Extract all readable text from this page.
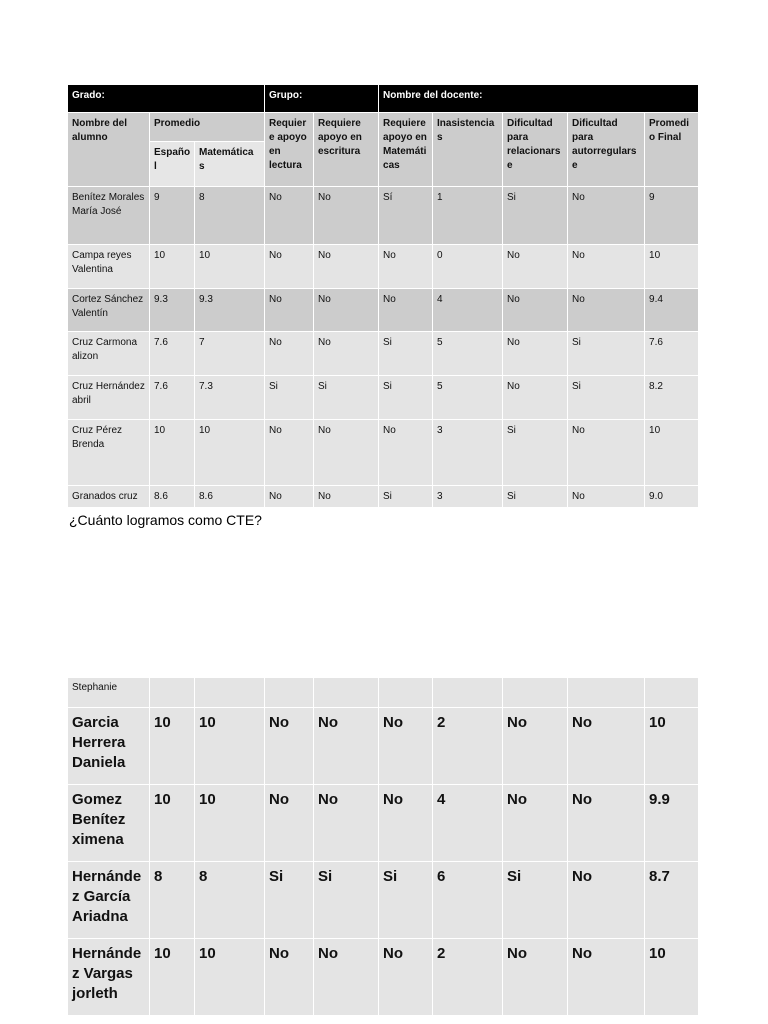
Grado:			Grupo:		Nombre del docente:				
Nombre del alumno	Promedio		Requier e apoyo en lectura	Requiere apoyo en escritura	Requiere apoyo en Matemáti cas	Inasistencia s	Dificultad para relacionars e	Dificultad para autorregulars e	Promedi o Final
	Españo l	Matemática s							
Benítez Morales María José	9	8	No	No	Sí	1	Si	No	9
Campa reyes Valentina	10	10	No	No	No	0	No	No	10
Cortez Sánchez Valentín	9.3	9.3	No	No	No	4	No	No	9.4
Cruz Carmona alizon	7.6	7	No	No	Si	5	No	Si	7.6
Cruz Hernández abril	7.6	7.3	Si	Si	Si	5	No	Si	8.2
Cruz Pérez Brenda	10	10	No	No	No	3	Si	No	10
Granados cruz	8.6	8.6	No	No	Si	3	Si	No	9.0
¿Cuánto logramos como CTE?
Stephanie									
Garcia Herrera Daniela	10	10	No	No	No	2	No	No	10
Gomez Benítez ximena	10	10	No	No	No	4	No	No	9.9
Hernánde z García Ariadna	8	8	Si	Si	Si	6	Si	No	8.7
Hernánde z Vargas jorleth	10	10	No	No	No	2	No	No	10
